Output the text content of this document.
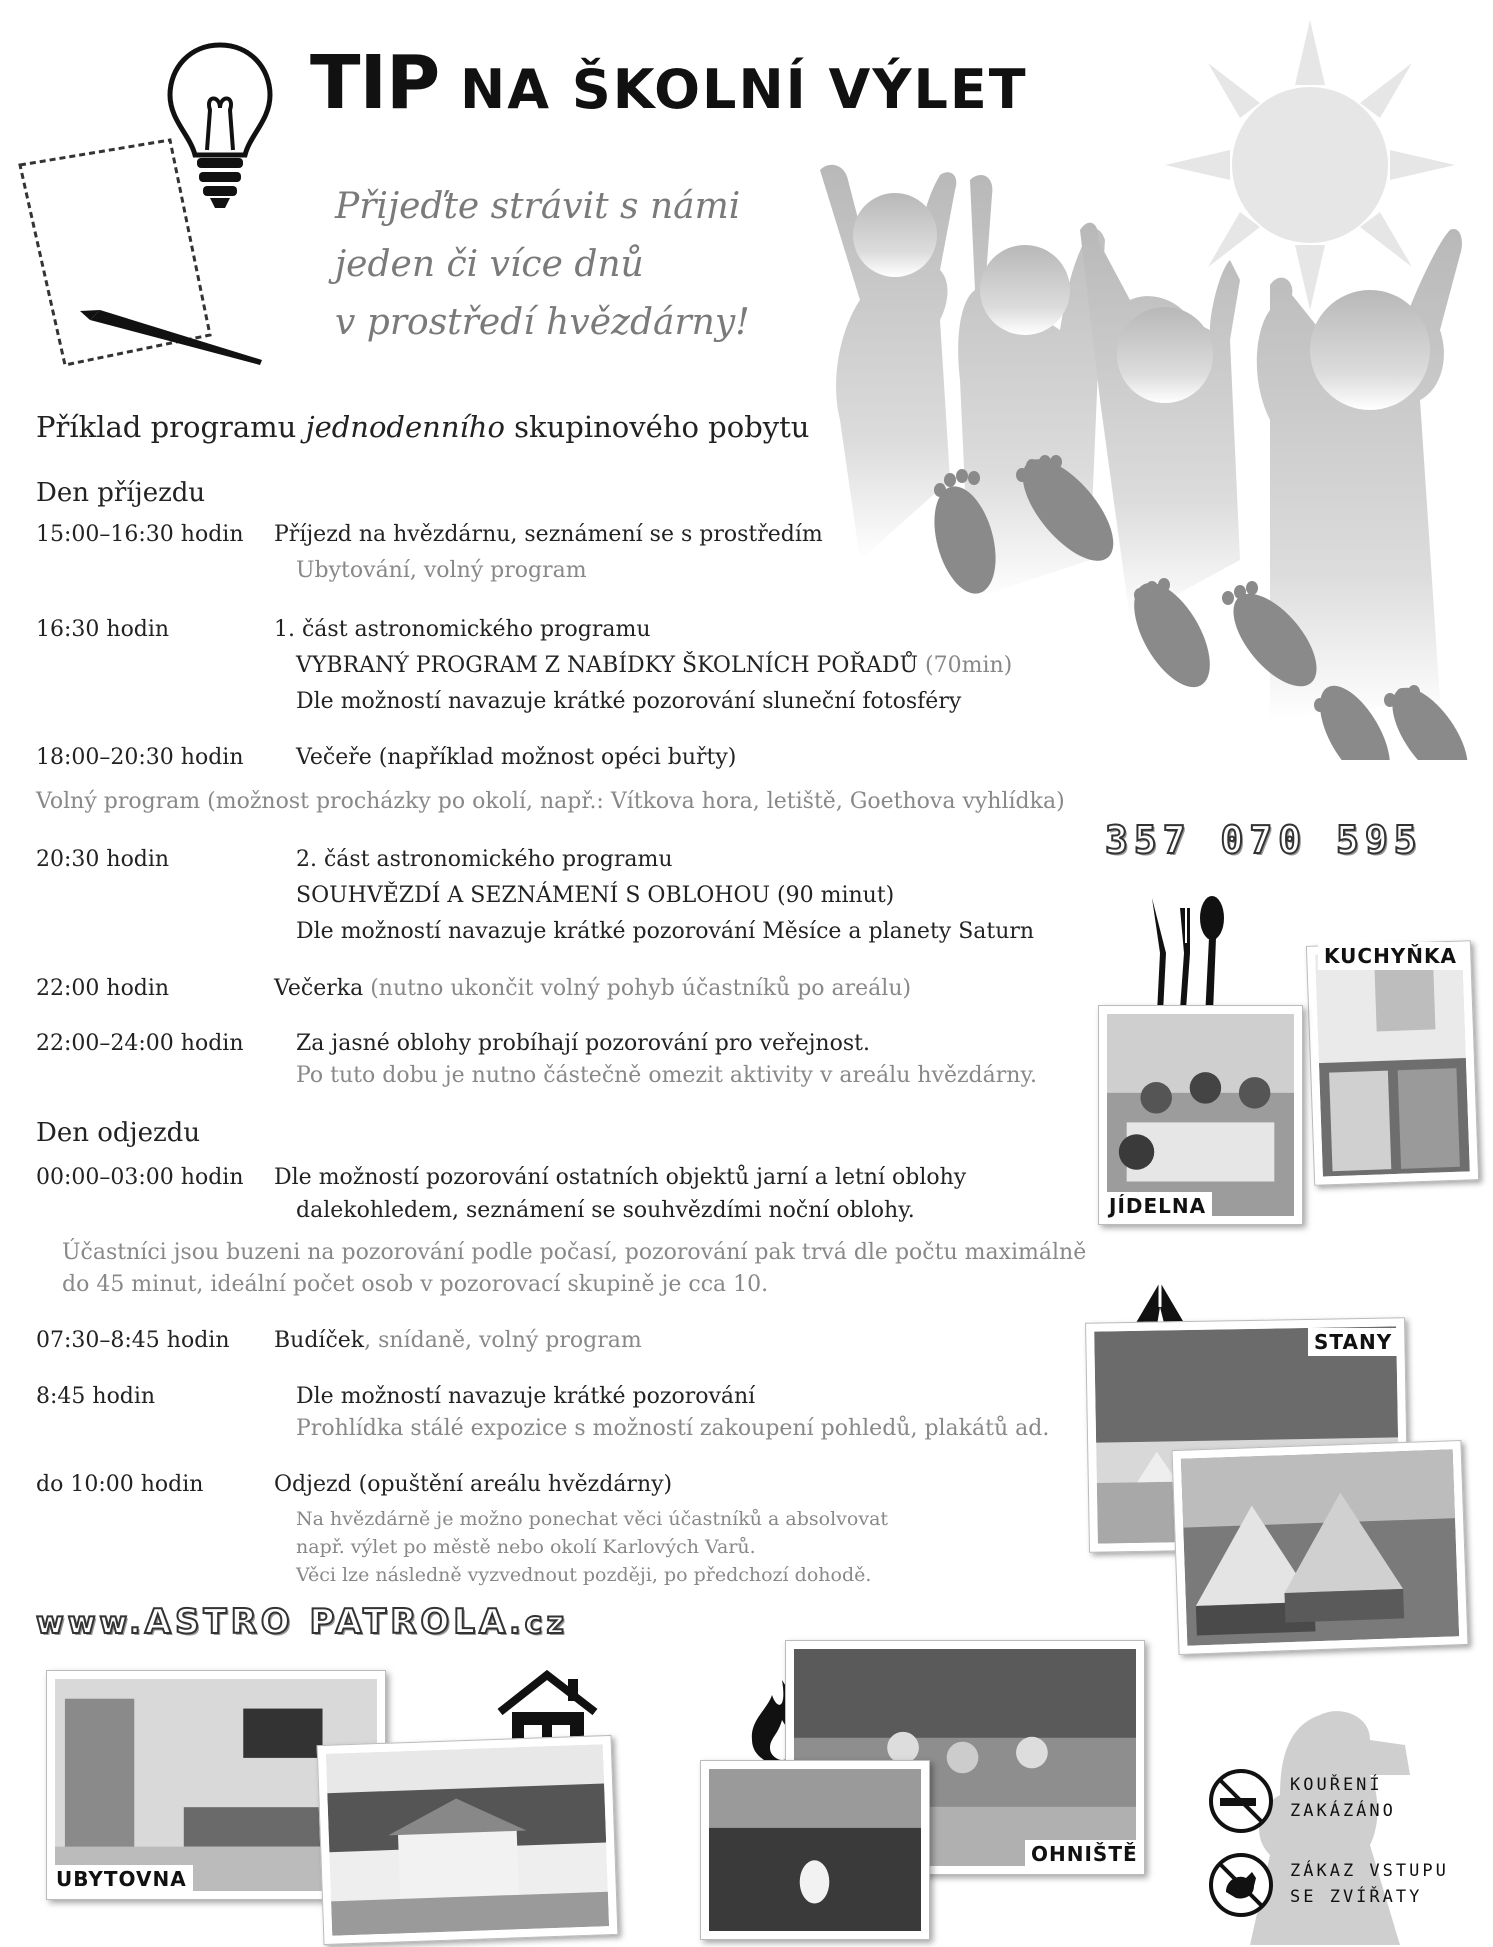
TIP NA ŠKOLNÍ VÝLET
Přijeďte strávit s námi
jeden či více dnů
v prostředí hvězdárny!
Příklad programu jednodenního skupinového pobytu
Den příjezdu
15:00–16:30 hodin Příjezd na hvězdárnu, seznámení se s prostředím
Ubytování, volný program
16:30 hodin	1. část astronomického programu
VYBRANÝ PROGRAM Z NABÍDKY ŠKOLNÍCH POŘADŮ (70min)
Dle možností navazuje krátké pozorování sluneční fotosféry
18:00–20:30 hodin Večeře (například možnost opéci buřty)
Volný program (možnost procházky po okolí, např.: Vítkova hora, letiště, Goethova vyhlídka)
20:30 hodin	2. část astronomického programu
SOUHVĚZDÍ A SEZNÁMENÍ S OBLOHOU (90 minut)
Dle možností navazuje krátké pozorování Měsíce a planety Saturn
22:00 hodin	Večerka (nutno ukončit volný pohyb účastníků po areálu)
22:00–24:00 hodin Za jasné oblohy probíhají pozorování pro veřejnost.
Po tuto dobu je nutno částečně omezit aktivity v areálu hvězdárny.
Den odjezdu
00:00–03:00 hodin Dle možností pozorování ostatních objektů jarní a letní oblohy
dalekohledem, seznámení se souhvězdími noční oblohy.
Účastníci jsou buzeni na pozorování podle počasí, pozorování pak trvá dle počtu maximálně
do 45 minut, ideální počet osob v pozorovací skupině je cca 10.
07:30–8:45 hodin Budíček, snídaně, volný program
8:45 hodin	Dle možností navazuje krátké pozorování
Prohlídka stálé expozice s možností zakoupení pohledů, plakátů ad.
do 10:00 hodin	Odjezd (opuštění areálu hvězdárny)
Na hvězdárně je možno ponechat věci účastníků a absolvovat
např. výlet po městě nebo okolí Karlových Varů.
Věci lze následně vyzvednout později, po předchozí dohodě.
357 070 595
www.ASTRO PATROLA.cz
KUCHYŇKA
JÍDELNA
STANY
UBYTOVNA
OHNIŠTĚ
KOUŘENÍ
ZAKÁZÁNO
ZÁKAZ VSTUPU
SE ZVÍŘATY
